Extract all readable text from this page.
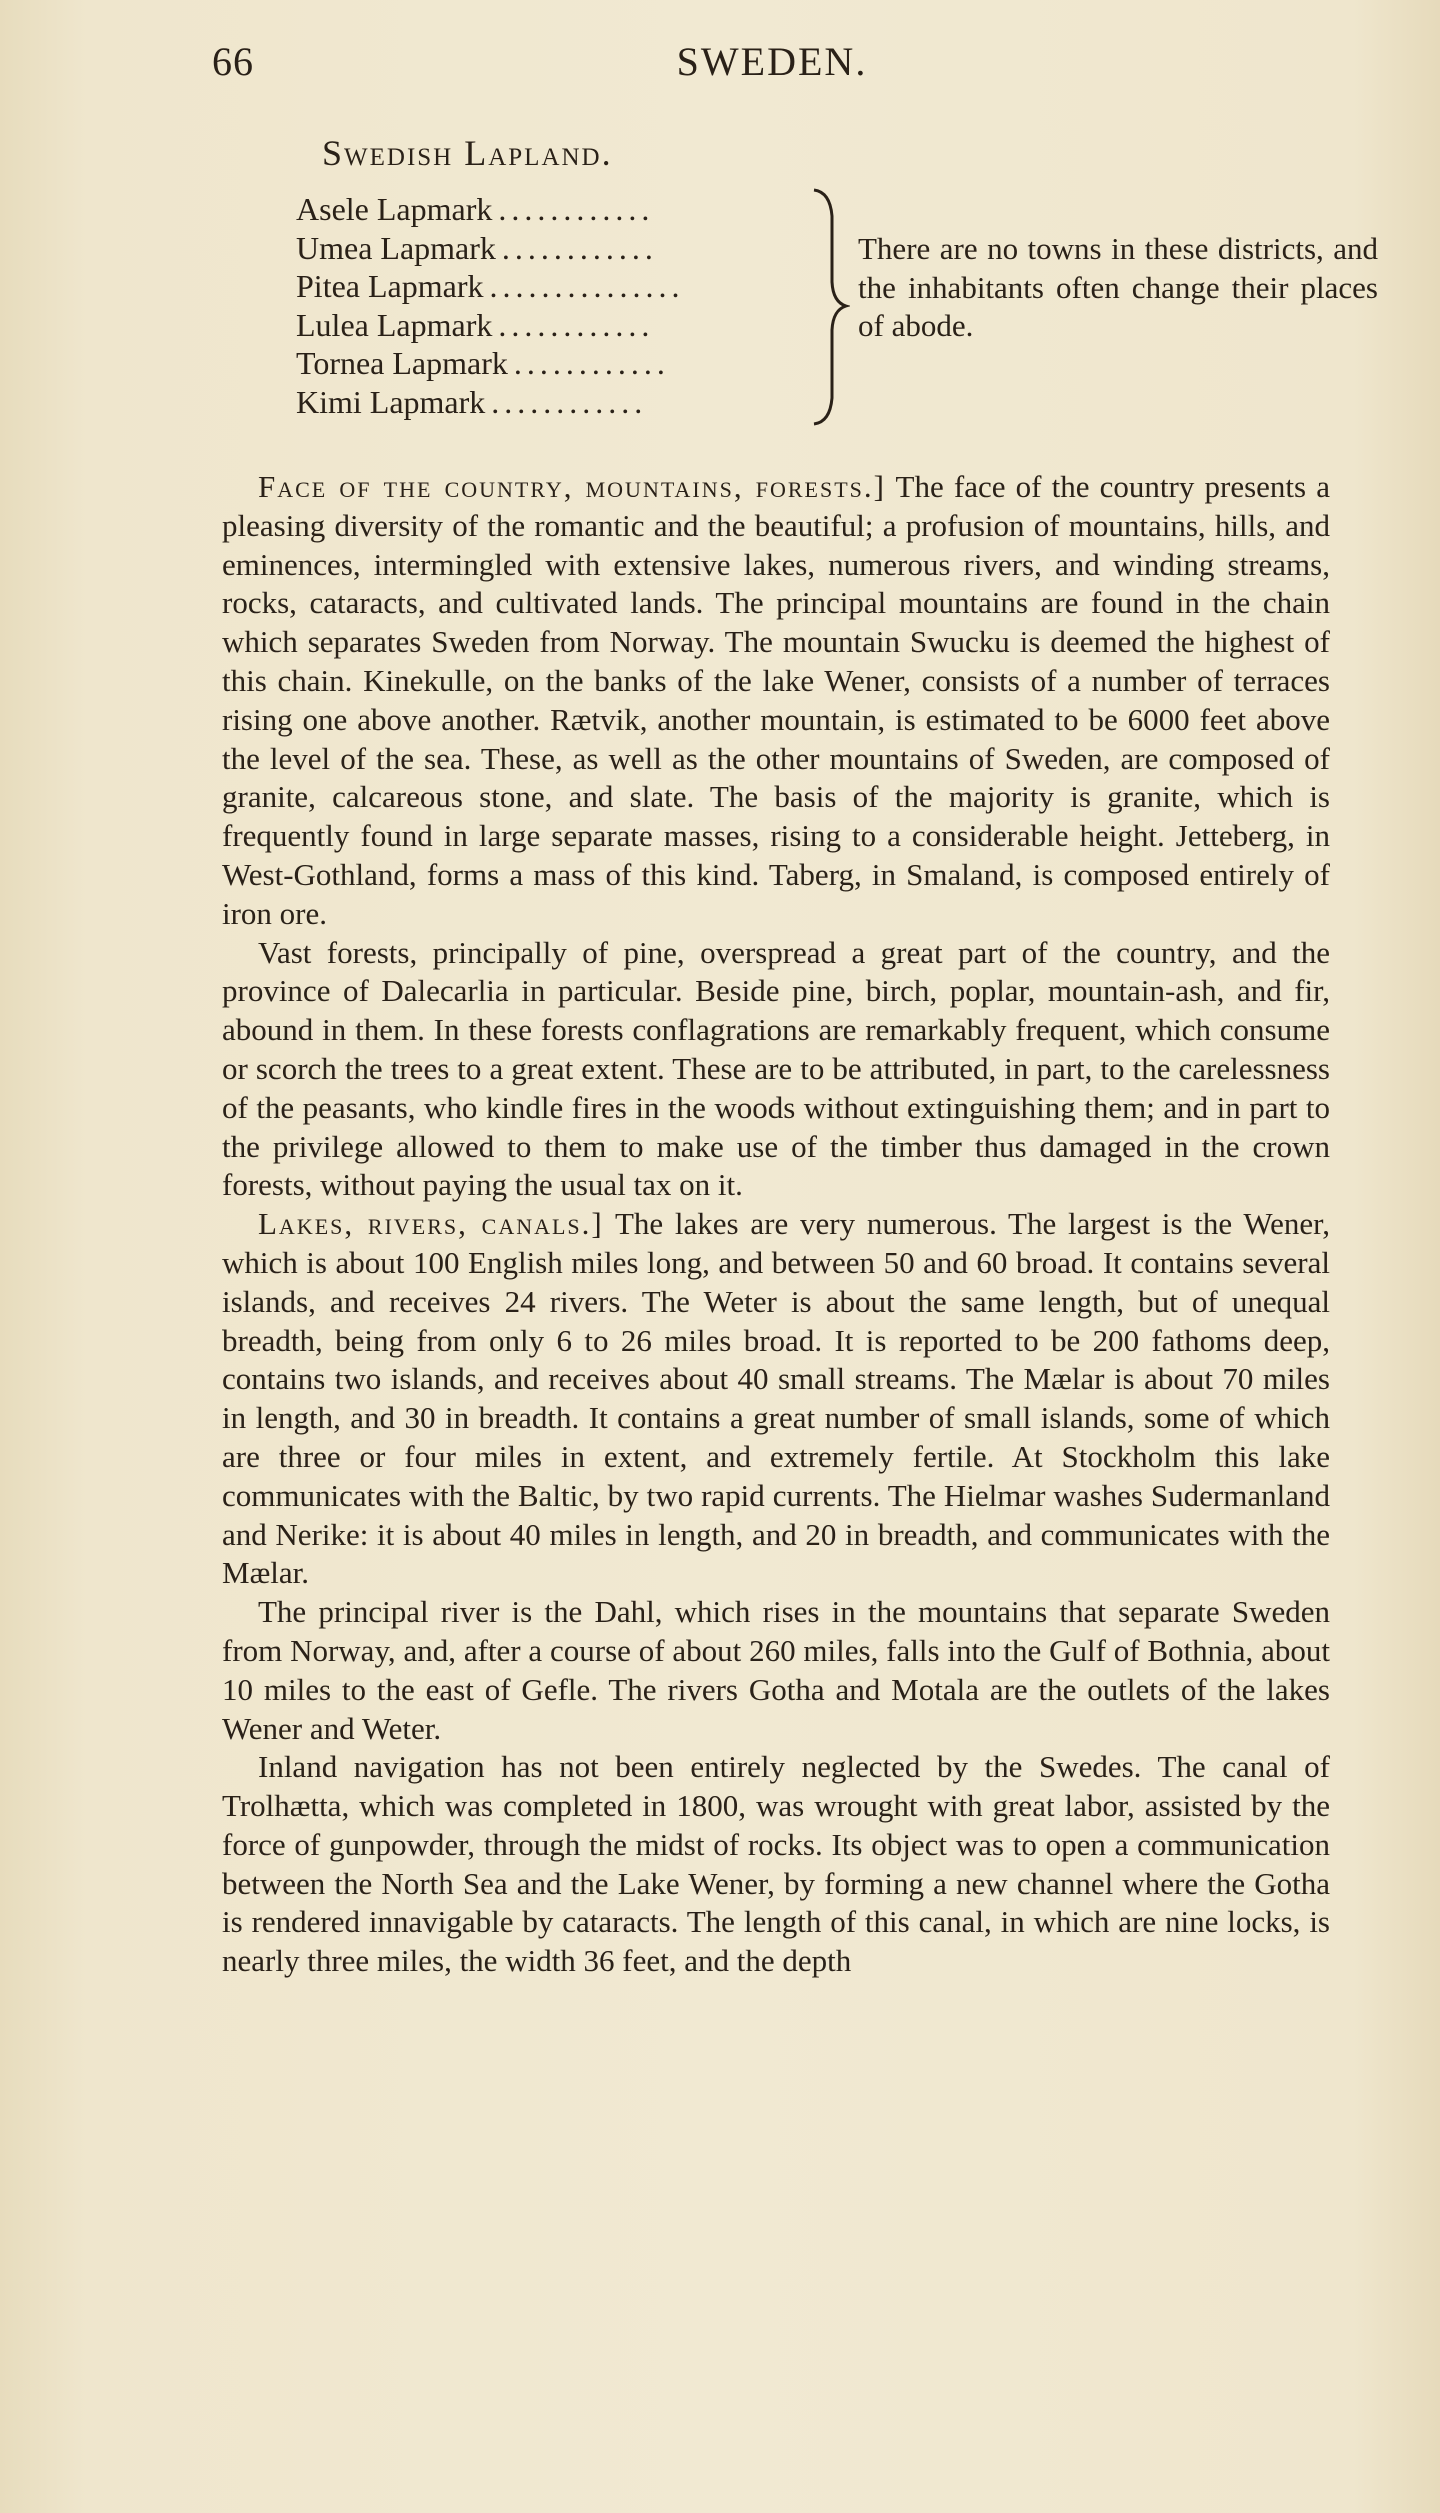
66	SWEDEN.
Swedish Lapland.
Asele Lapmark ............
Umea Lapmark ............
Pitea Lapmark ...............
Lulea Lapmark ............
Tornea Lapmark ............
Kimi Lapmark ............
There are no towns in these districts, and the inhabitants often change their places of abode.

Face of the country, mountains, forests.] The face of the country presents a pleasing diversity of the romantic and the beautiful; a profusion of mountains, hills, and eminences, intermingled with extensive lakes, numerous rivers, and winding streams, rocks, cataracts, and cultivated lands. The principal mountains are found in the chain which separates Sweden from Norway. The mountain Swucku is deemed the highest of this chain. Kinekulle, on the banks of the lake Wener, consists of a number of terraces rising one above another. Rætvik, another mountain, is estimated to be 6000 feet above the level of the sea. These, as well as the other mountains of Sweden, are composed of granite, calcareous stone, and slate. The basis of the majority is granite, which is frequently found in large separate masses, rising to a considerable height. Jetteberg, in West-Gothland, forms a mass of this kind. Taberg, in Smaland, is composed entirely of iron ore.

Vast forests, principally of pine, overspread a great part of the country, and the province of Dalecarlia in particular. Beside pine, birch, poplar, mountain-ash, and fir, abound in them. In these forests conflagrations are remarkably frequent, which consume or scorch the trees to a great extent. These are to be attributed, in part, to the carelessness of the peasants, who kindle fires in the woods without extinguishing them; and in part to the privilege allowed to them to make use of the timber thus damaged in the crown forests, without paying the usual tax on it.

Lakes, rivers, canals.] The lakes are very numerous. The largest is the Wener, which is about 100 English miles long, and between 50 and 60 broad. It contains several islands, and receives 24 rivers. The Weter is about the same length, but of unequal breadth, being from only 6 to 26 miles broad. It is reported to be 200 fathoms deep, contains two islands, and receives about 40 small streams. The Mælar is about 70 miles in length, and 30 in breadth. It contains a great number of small islands, some of which are three or four miles in extent, and extremely fertile. At Stockholm this lake communicates with the Baltic, by two rapid currents. The Hielmar washes Sudermanland and Nerike: it is about 40 miles in length, and 20 in breadth, and communicates with the Mælar.

The principal river is the Dahl, which rises in the mountains that separate Sweden from Norway, and, after a course of about 260 miles, falls into the Gulf of Bothnia, about 10 miles to the east of Gefle. The rivers Gotha and Motala are the outlets of the lakes Wener and Weter.

Inland navigation has not been entirely neglected by the Swedes. The canal of Trolhætta, which was completed in 1800, was wrought with great labor, assisted by the force of gunpowder, through the midst of rocks. Its object was to open a communication between the North Sea and the Lake Wener, by forming a new channel where the Gotha is rendered innavigable by cataracts. The length of this canal, in which are nine locks, is nearly three miles, the width 36 feet, and the depth
